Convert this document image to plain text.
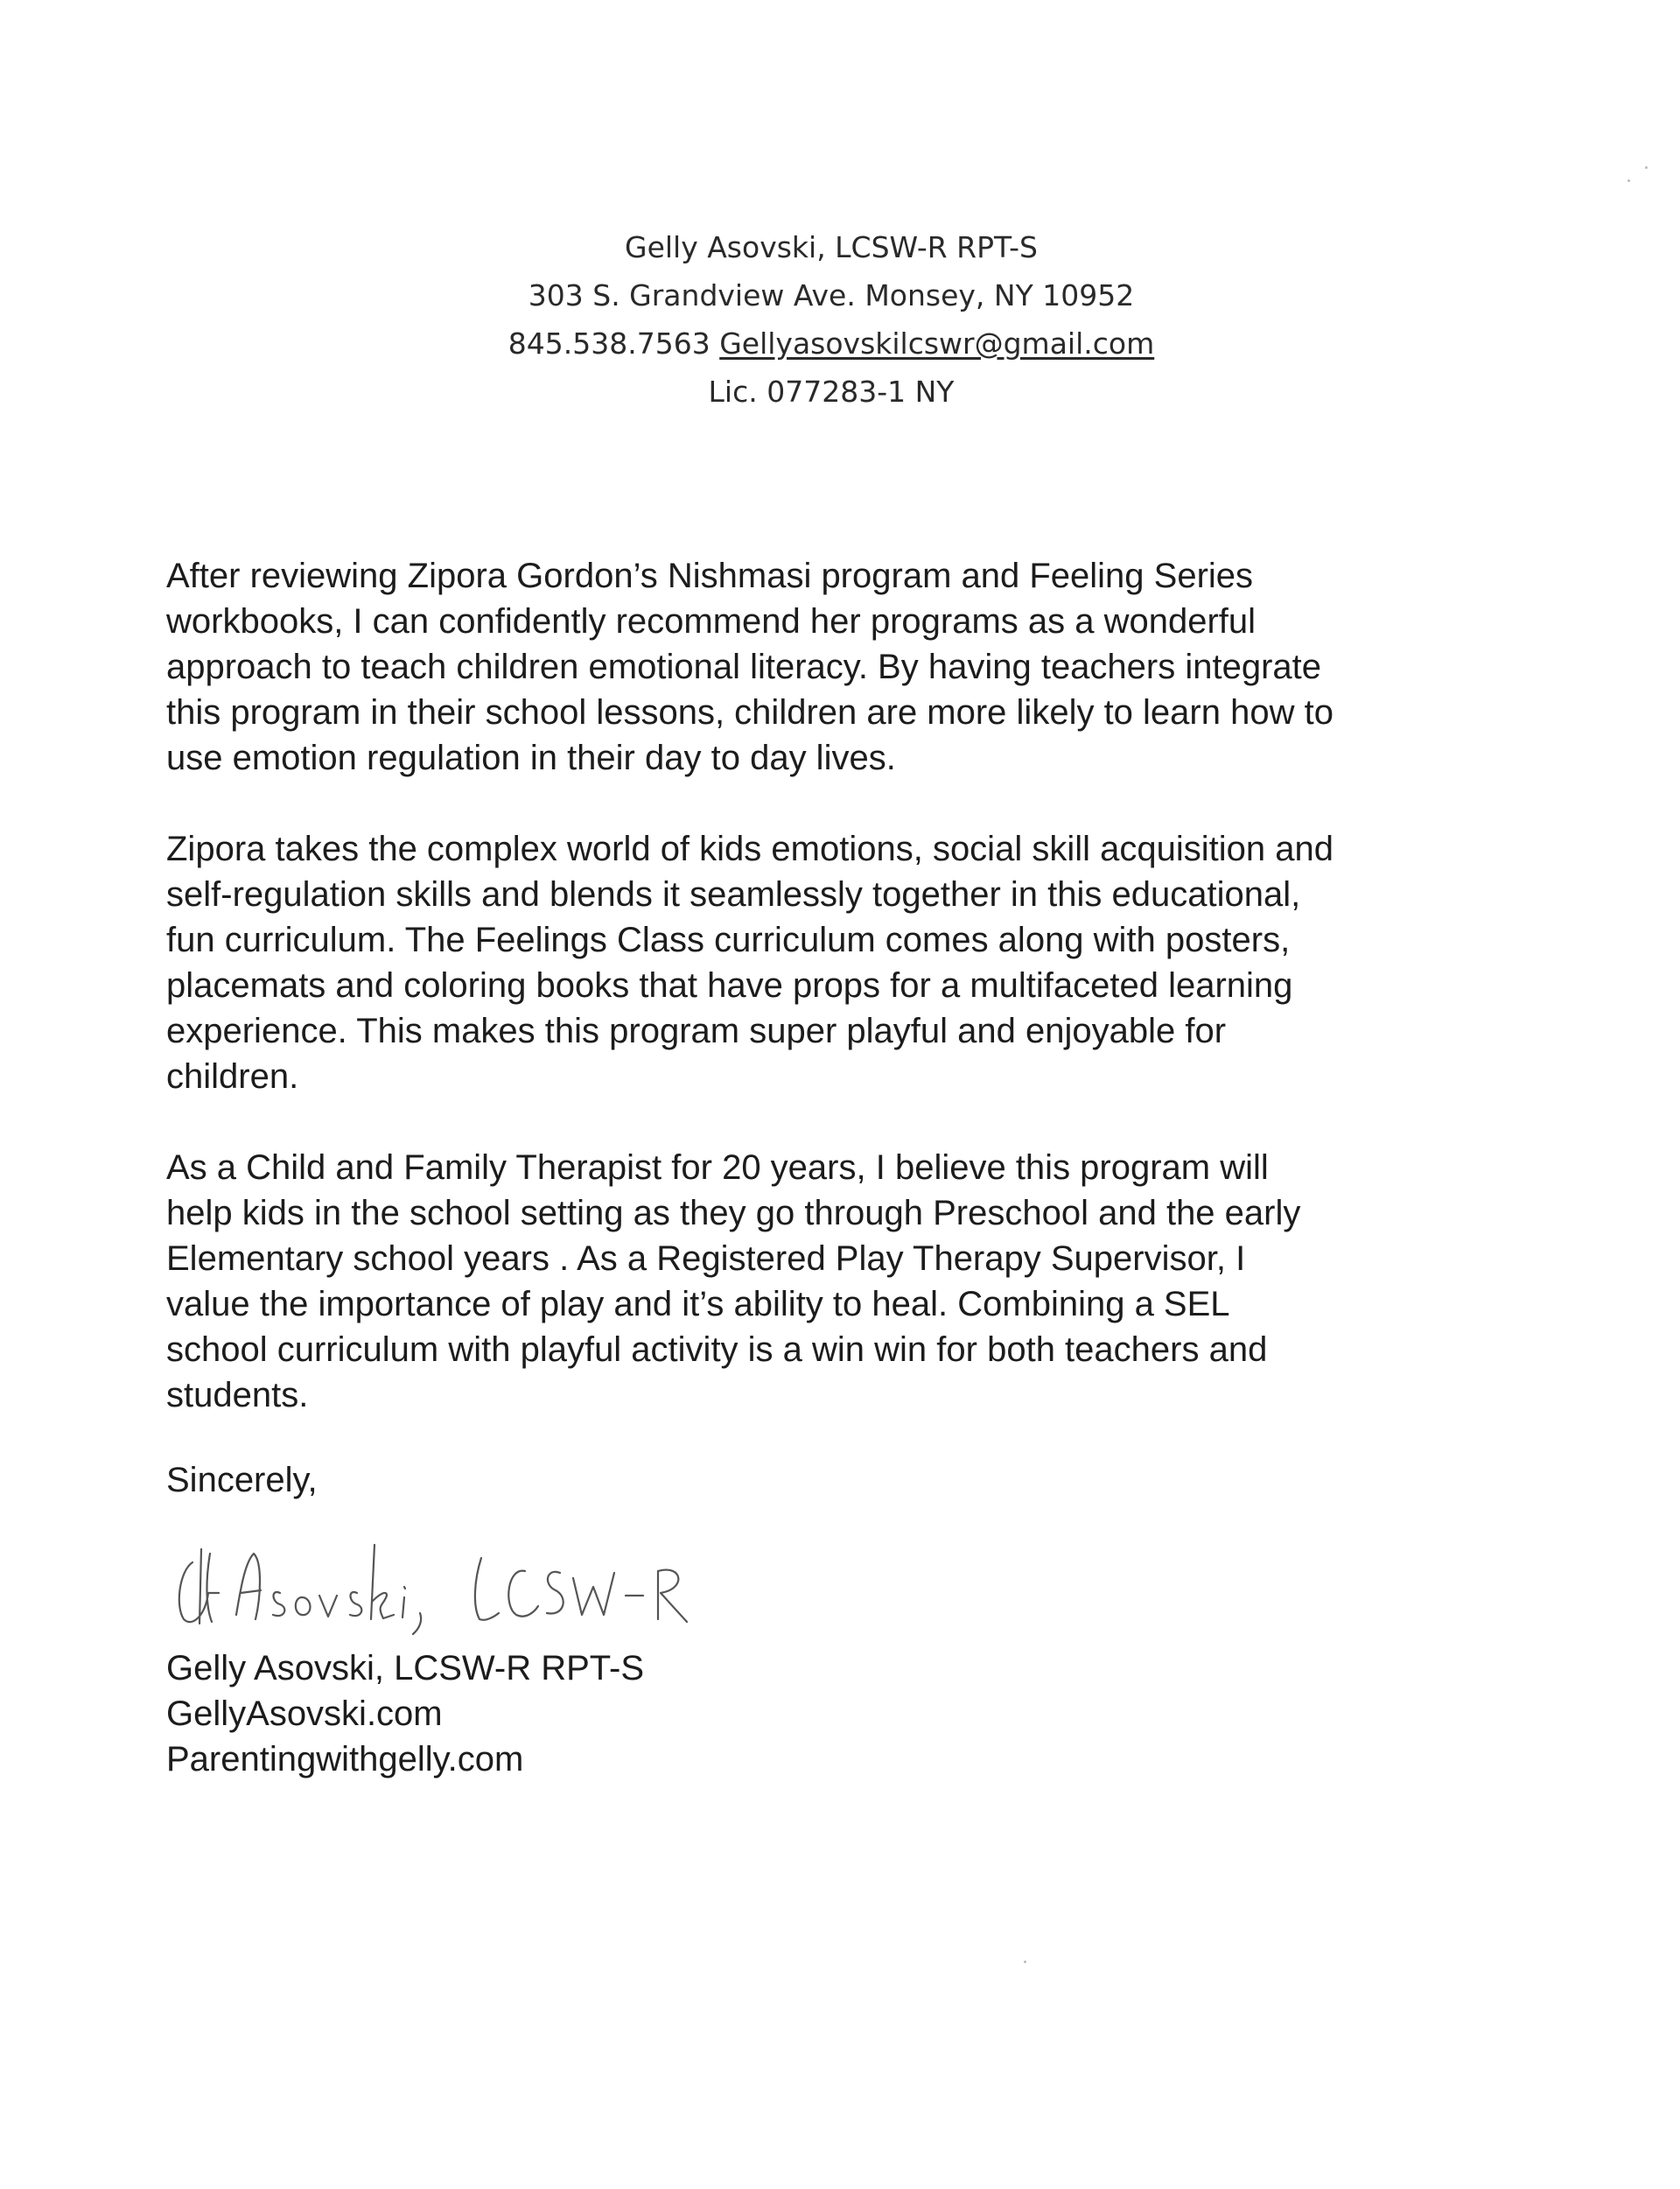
Gelly Asovski, LCSW-R RPT-S
303 S. Grandview Ave. Monsey, NY 10952
845.538.7563 Gellyasovskilcswr@gmail.com
Lic. 077283-1 NY

After reviewing Zipora Gordon’s Nishmasi program and Feeling Series
workbooks, I can confidently recommend her programs as a wonderful
approach to teach children emotional literacy. By having teachers integrate
this program in their school lessons, children are more likely to learn how to
use emotion regulation in their day to day lives.

Zipora takes the complex world of kids emotions, social skill acquisition and
self-regulation skills and blends it seamlessly together in this educational,
fun curriculum. The Feelings Class curriculum comes along with posters,
placemats and coloring books that have props for a multifaceted learning
experience. This makes this program super playful and enjoyable for
children.

As a Child and Family Therapist for 20 years, I believe this program will
help kids in the school setting as they go through Preschool and the early
Elementary school years . As a Registered Play Therapy Supervisor, I
value the importance of play and it’s ability to heal. Combining a SEL
school curriculum with playful activity is a win win for both teachers and
students.

Sincerely,
Gelly Asovski, LCSW-R RPT-S
GellyAsovski.com
Parentingwithgelly.com
